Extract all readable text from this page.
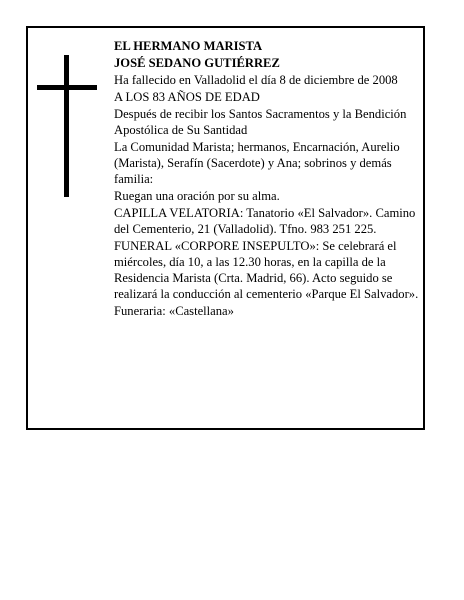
EL HERMANO MARISTA

JOSÉ SEDANO GUTIÉRREZ

Ha fallecido en Valladolid el día 8 de diciembre de 2008

A LOS 83 AÑOS DE EDAD

Después de recibir los Santos Sacramentos y la Bendición Apostólica de Su Santidad

La Comunidad Marista; hermanos, Encarnación, Aurelio (Marista), Serafín (Sacerdote) y Ana; sobrinos y demás familia:

Ruegan una oración por su alma.

CAPILLA VELATORIA: Tanatorio «El Salvador». Camino del Cementerio, 21 (Valladolid). Tfno. 983 251 225.

FUNERAL «CORPORE INSEPULTO»: Se celebrará el miércoles, día 10, a las 12.30 horas, en la capilla de la Residencia Marista (Crta. Madrid, 66). Acto seguido se realizará la conducción al cementerio «Parque El Salvador».

Funeraria: «Castellana»
